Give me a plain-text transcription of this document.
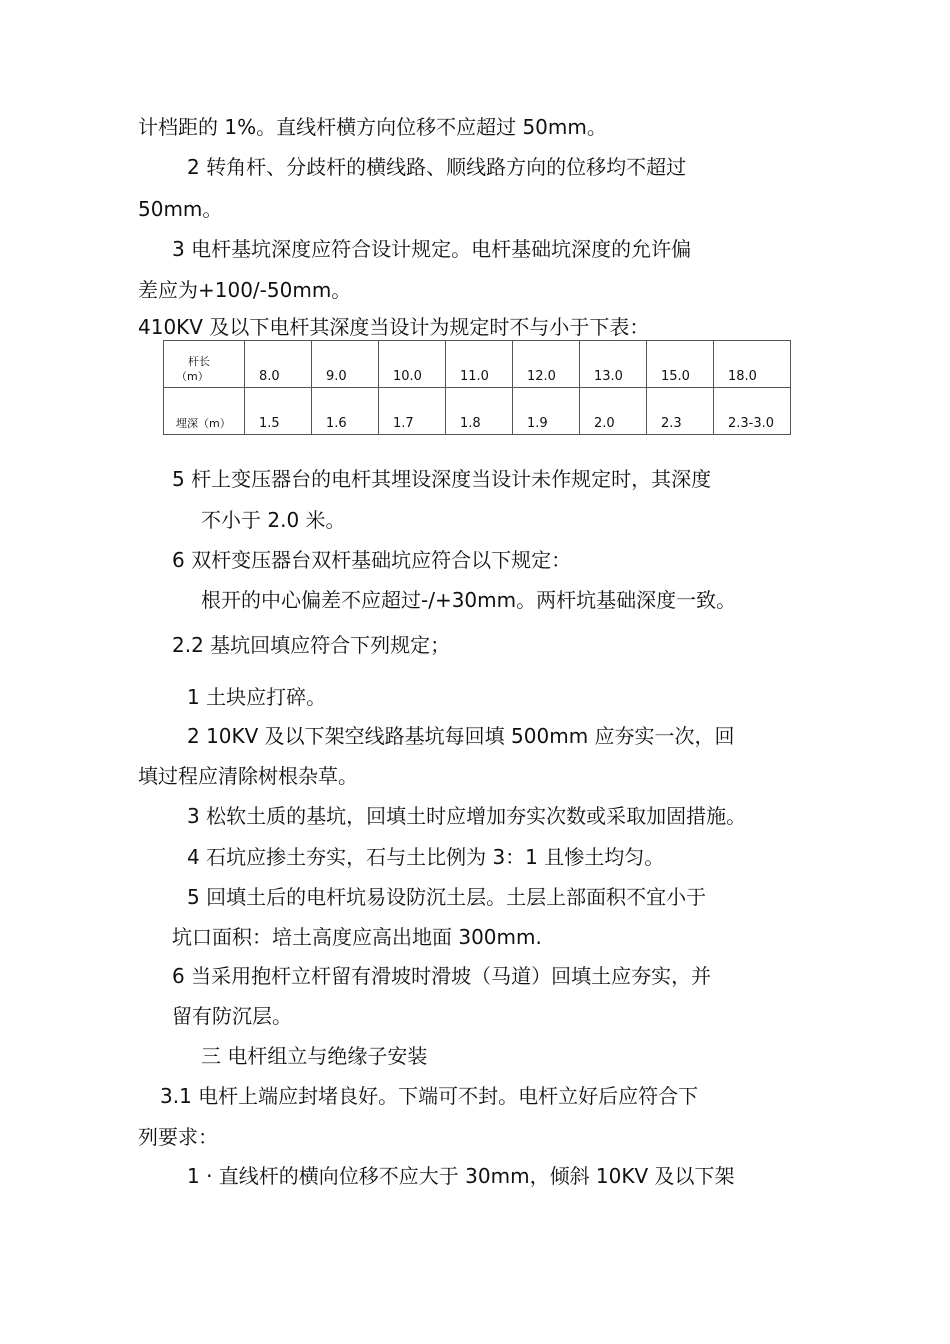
计档距的 1%。直线杆横方向位移不应超过 50mm。
2 转角杆、分歧杆的横线路、顺线路方向的位移均不超过
50mm。
3 电杆基坑深度应符合设计规定。电杆基础坑深度的允许偏
差应为+100/-50mm。
410KV 及以下电杆其深度当设计为规定时不与小于下表：
杆长
（m）	8.0	9.0	10.0	11.0	12.0	13.0	15.0	18.0
埋深（m）	1.5	1.6	1.7	1.8	1.9	2.0	2.3	2.3-3.0
5 杆上变压器台的电杆其埋设深度当设计未作规定时，其深度
不小于 2.0 米。
6 双杆变压器台双杆基础坑应符合以下规定：
根开的中心偏差不应超过-/+30mm。两杆坑基础深度一致。
2.2 基坑回填应符合下列规定；
1 土块应打碎。
2 10KV 及以下架空线路基坑每回填 500mm 应夯实一次，回
填过程应清除树根杂草。
3 松软土质的基坑，回填土时应增加夯实次数或采取加固措施。
4 石坑应掺土夯实，石与土比例为 3：1 且惨土均匀。
5 回填土后的电杆坑易设防沉土层。土层上部面积不宜小于
坑口面积：培土高度应高出地面 300mm.
6 当采用抱杆立杆留有滑坡时滑坡（马道）回填土应夯实，并
留有防沉层。
三 电杆组立与绝缘子安装
3.1 电杆上端应封堵良好。下端可不封。电杆立好后应符合下
列要求：
1 · 直线杆的横向位移不应大于 30mm，倾斜 10KV 及以下架
